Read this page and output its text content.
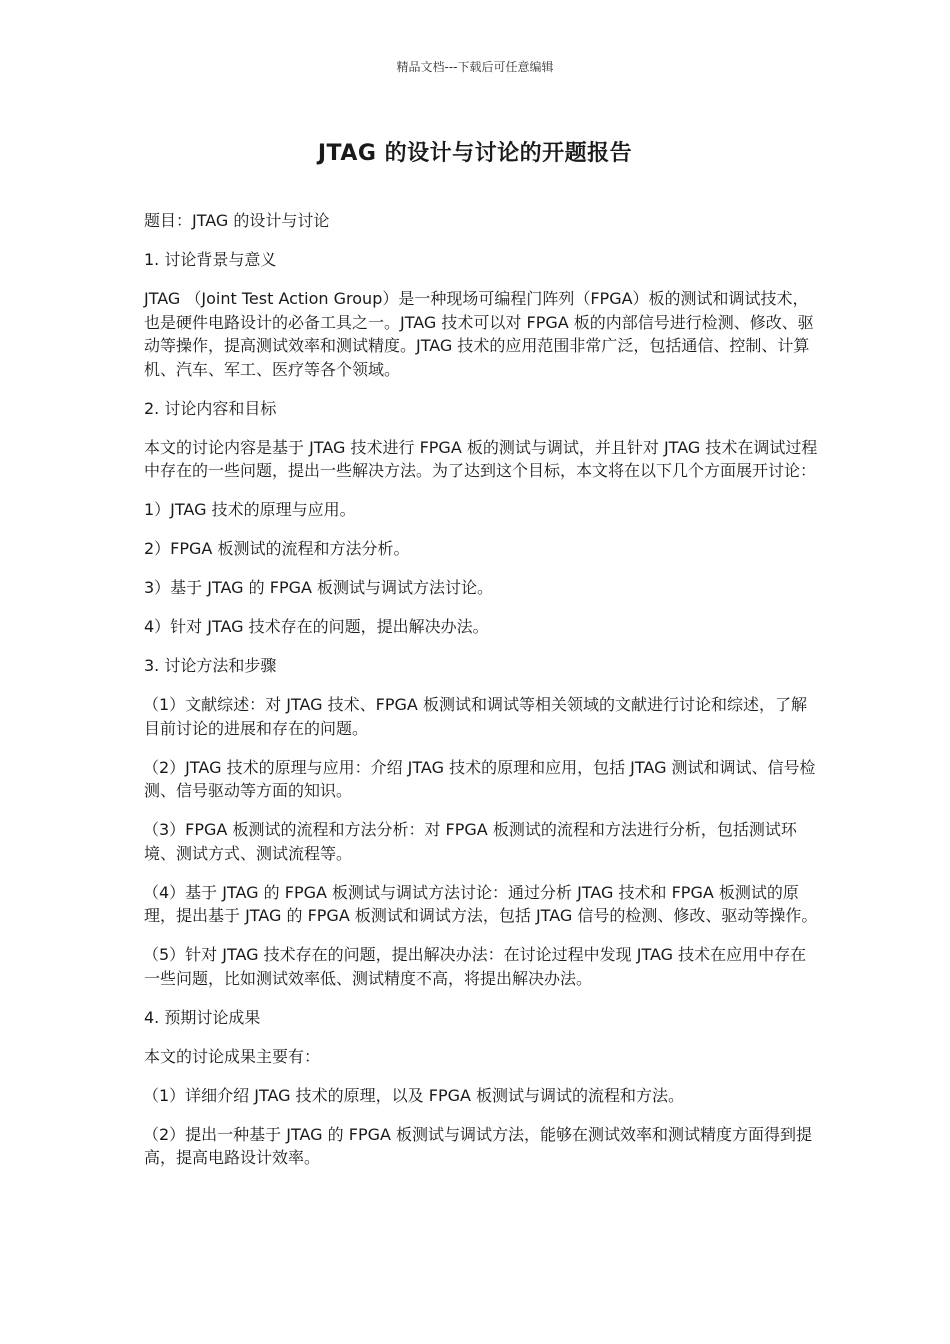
精品文档---下载后可任意编辑
JTAG 的设计与讨论的开题报告

题目：JTAG 的设计与讨论

1. 讨论背景与意义

JTAG （Joint Test Action Group）是一种现场可编程门阵列（FPGA）板的测试和调试技术，也是硬件电路设计的必备工具之一。JTAG 技术可以对 FPGA 板的内部信号进行检测、修改、驱动等操作，提高测试效率和测试精度。JTAG 技术的应用范围非常广泛，包括通信、控制、计算机、汽车、军工、医疗等各个领域。

2. 讨论内容和目标

本文的讨论内容是基于 JTAG 技术进行 FPGA 板的测试与调试，并且针对 JTAG 技术在调试过程中存在的一些问题，提出一些解决方法。为了达到这个目标，本文将在以下几个方面展开讨论：

1）JTAG 技术的原理与应用。

2）FPGA 板测试的流程和方法分析。

3）基于 JTAG 的 FPGA 板测试与调试方法讨论。

4）针对 JTAG 技术存在的问题，提出解决办法。

3. 讨论方法和步骤

（1）文献综述：对 JTAG 技术、FPGA 板测试和调试等相关领域的文献进行讨论和综述，了解目前讨论的进展和存在的问题。

（2）JTAG 技术的原理与应用：介绍 JTAG 技术的原理和应用，包括 JTAG 测试和调试、信号检测、信号驱动等方面的知识。

（3）FPGA 板测试的流程和方法分析：对 FPGA 板测试的流程和方法进行分析，包括测试环境、测试方式、测试流程等。

（4）基于 JTAG 的 FPGA 板测试与调试方法讨论：通过分析 JTAG 技术和 FPGA 板测试的原理，提出基于 JTAG 的 FPGA 板测试和调试方法，包括 JTAG 信号的检测、修改、驱动等操作。

（5）针对 JTAG 技术存在的问题，提出解决办法：在讨论过程中发现 JTAG 技术在应用中存在一些问题，比如测试效率低、测试精度不高，将提出解决办法。

4. 预期讨论成果

本文的讨论成果主要有：

（1）详细介绍 JTAG 技术的原理，以及 FPGA 板测试与调试的流程和方法。

（2）提出一种基于 JTAG 的 FPGA 板测试与调试方法，能够在测试效率和测试精度方面得到提高，提高电路设计效率。
